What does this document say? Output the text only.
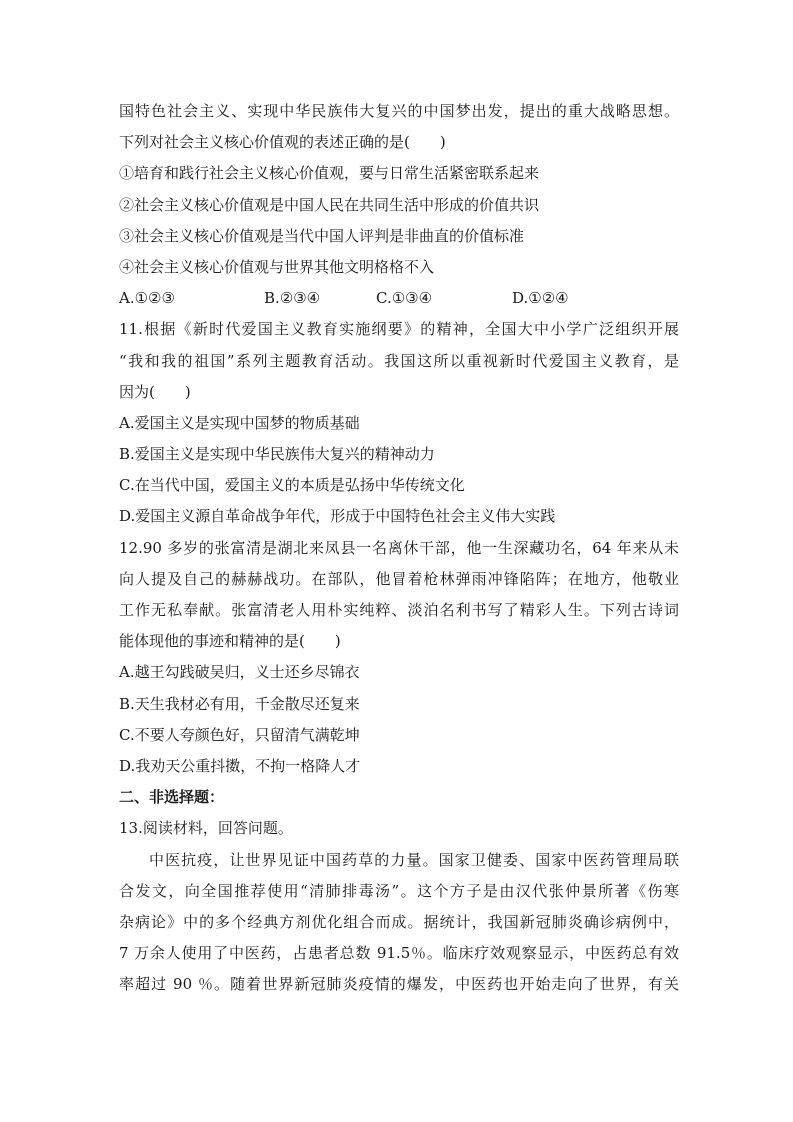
国特色社会主义、实现中华民族伟大复兴的中国梦出发，提出的重大战略思想。
下列对社会主义核心价值观的表述正确的是(　　)
①培育和践行社会主义核心价值观，要与日常生活紧密联系起来
②社会主义核心价值观是中国人民在共同生活中形成的价值共识
③社会主义核心价值观是当代中国人评判是非曲直的价值标准
④社会主义核心价值观与世界其他文明格格不入
A.①②③	B.②③④	C.①③④	D.①②④
11.根据《新时代爱国主义教育实施纲要》的精神，全国大中小学广泛组织开展
“我和我的祖国”系列主题教育活动。我国这所以重视新时代爱国主义教育，是
因为(　　)
A.爱国主义是实现中国梦的物质基础
B.爱国主义是实现中华民族伟大复兴的精神动力
C.在当代中国，爱国主义的本质是弘扬中华传统文化
D.爱国主义源自革命战争年代，形成于中国特色社会主义伟大实践
12.90 多岁的张富清是湖北来凤县一名离休干部，他一生深藏功名，64 年来从未
向人提及自己的赫赫战功。在部队，他冒着枪林弹雨冲锋陷阵；在地方，他敬业
工作无私奉献。张富清老人用朴实纯粹、淡泊名利书写了精彩人生。下列古诗词
能体现他的事迹和精神的是(　　)
A.越王勾践破吴归，义士还乡尽锦衣
B.天生我材必有用，千金散尽还复来
C.不要人夸颜色好，只留清气满乾坤
D.我劝天公重抖擞，不拘一格降人才
二、非选择题：
13.阅读材料，回答问题。
中医抗疫，让世界见证中国药草的力量。国家卫健委、国家中医药管理局联
合发文，向全国推荐使用“清肺排毒汤”。这个方子是由汉代张仲景所著《伤寒
杂病论》中的多个经典方剂优化组合而成。据统计，我国新冠肺炎确诊病例中，
7 万余人使用了中医药，占患者总数 91.5％。临床疗效观察显示，中医药总有效
率超过 90 ％。随着世界新冠肺炎疫情的爆发，中医药也开始走向了世界，有关
